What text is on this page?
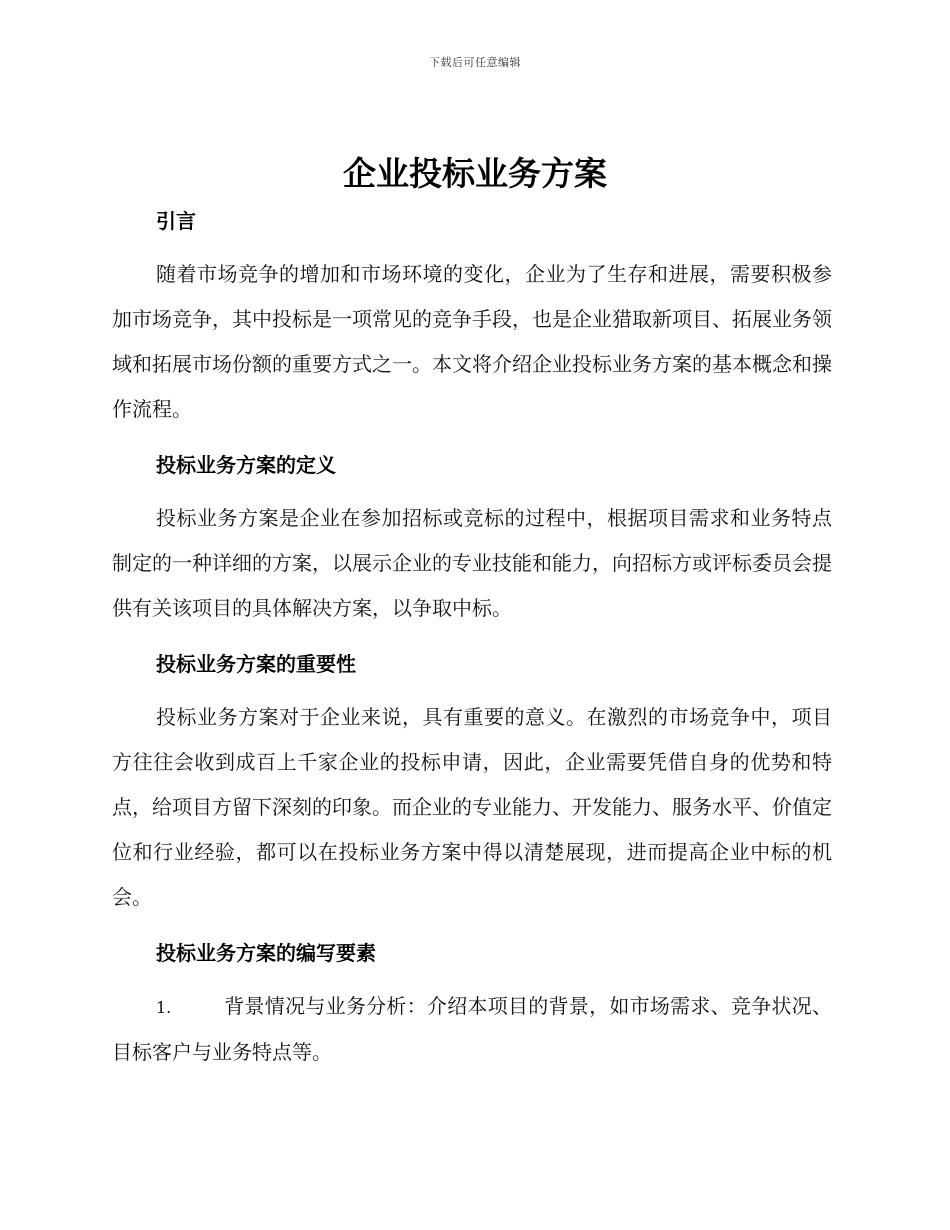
下载后可任意编辑
企业投标业务方案
引言

随着市场竞争的增加和市场环境的变化，企业为了生存和进展，需要积极参加市场竞争，其中投标是一项常见的竞争手段，也是企业猎取新项目、拓展业务领域和拓展市场份额的重要方式之一。本文将介绍企业投标业务方案的基本概念和操作流程。

投标业务方案的定义

投标业务方案是企业在参加招标或竞标的过程中，根据项目需求和业务特点制定的一种详细的方案，以展示企业的专业技能和能力，向招标方或评标委员会提供有关该项目的具体解决方案，以争取中标。

投标业务方案的重要性

投标业务方案对于企业来说，具有重要的意义。在激烈的市场竞争中，项目方往往会收到成百上千家企业的投标申请，因此，企业需要凭借自身的优势和特点，给项目方留下深刻的印象。而企业的专业能力、开发能力、服务水平、价值定位和行业经验，都可以在投标业务方案中得以清楚展现，进而提高企业中标的机会。

投标业务方案的编写要素

1.	背景情况与业务分析：介绍本项目的背景，如市场需求、竞争状况、目标客户与业务特点等。
